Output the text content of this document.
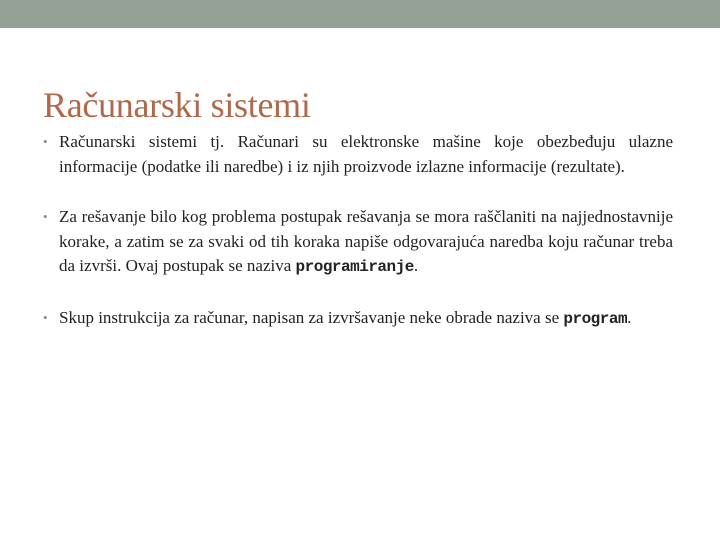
Računarski sistemi
• Računarski sistemi tj. Računari su elektronske mašine koje obezbeđuju ulazne informacije (podatke ili naredbe) i iz njih proizvode izlazne informacije (rezultate).
• Za rešavanje bilo kog problema postupak rešavanja se mora raščlaniti na najjednostavnije korake, a zatim se za svaki od tih koraka napiše odgovarajuća naredba koju računar treba da izvrši. Ovaj postupak se naziva programiranje.
• Skup instrukcija za računar, napisan za izvršavanje neke obrade naziva se program.
